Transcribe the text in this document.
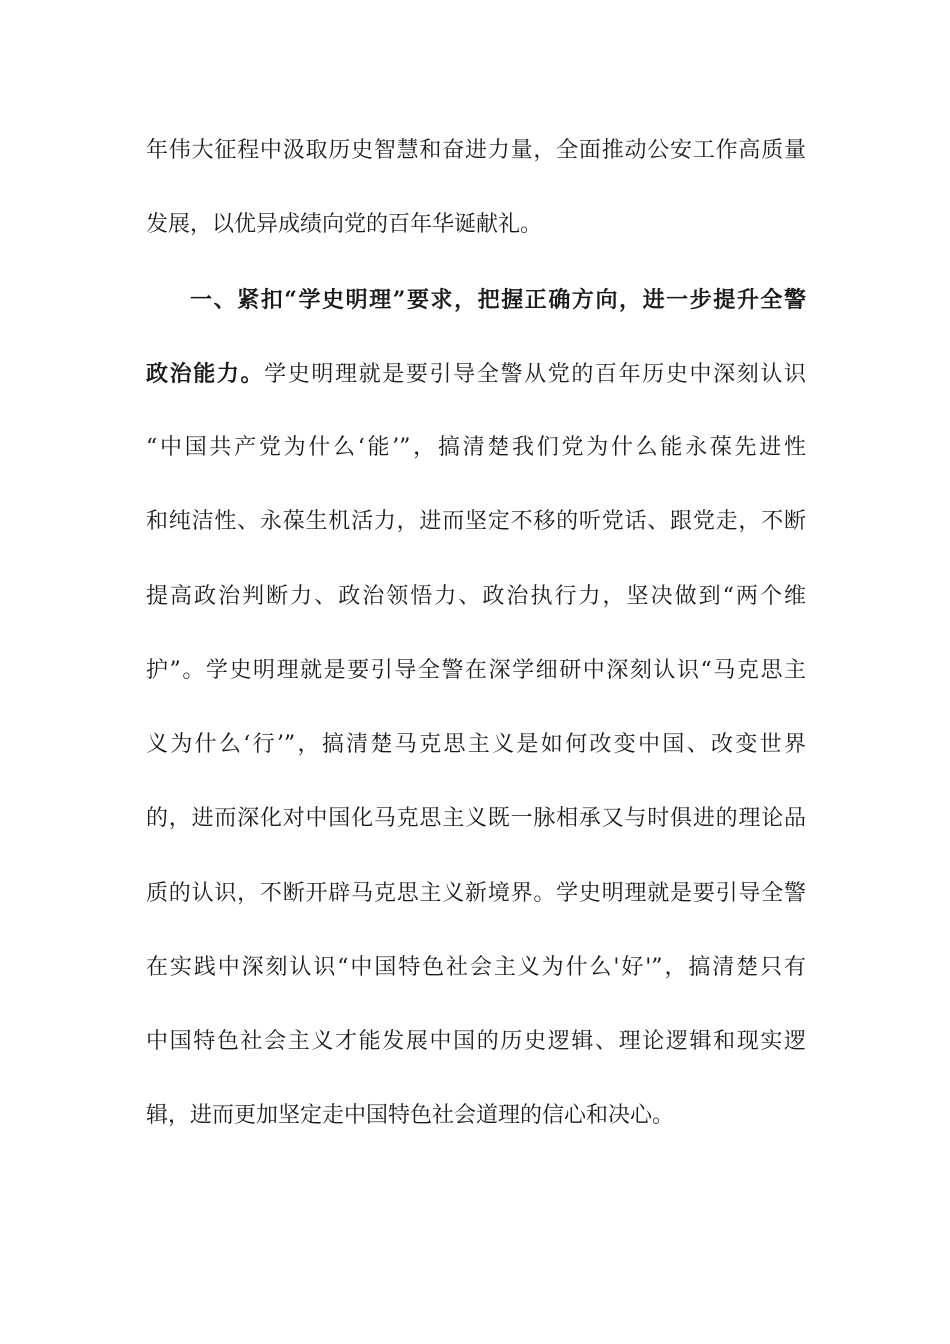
年伟大征程中汲取历史智慧和奋进力量，全面推动公安工作高质量
发展，以优异成绩向党的百年华诞献礼。
一、紧扣“学史明理”要求，把握正确方向，进一步提升全警
政治能力。学史明理就是要引导全警从党的百年历史中深刻认识
“中国共产党为什么‘能’”，搞清楚我们党为什么能永葆先进性
和纯洁性、永葆生机活力，进而坚定不移的听党话、跟党走，不断
提高政治判断力、政治领悟力、政治执行力，坚决做到“两个维
护”。学史明理就是要引导全警在深学细研中深刻认识“马克思主
义为什么‘行’”，搞清楚马克思主义是如何改变中国、改变世界
的，进而深化对中国化马克思主义既一脉相承又与时俱进的理论品
质的认识，不断开辟马克思主义新境界。学史明理就是要引导全警
在实践中深刻认识“中国特色社会主义为什么'好'”，搞清楚只有
中国特色社会主义才能发展中国的历史逻辑、理论逻辑和现实逻
辑，进而更加坚定走中国特色社会道理的信心和决心。
